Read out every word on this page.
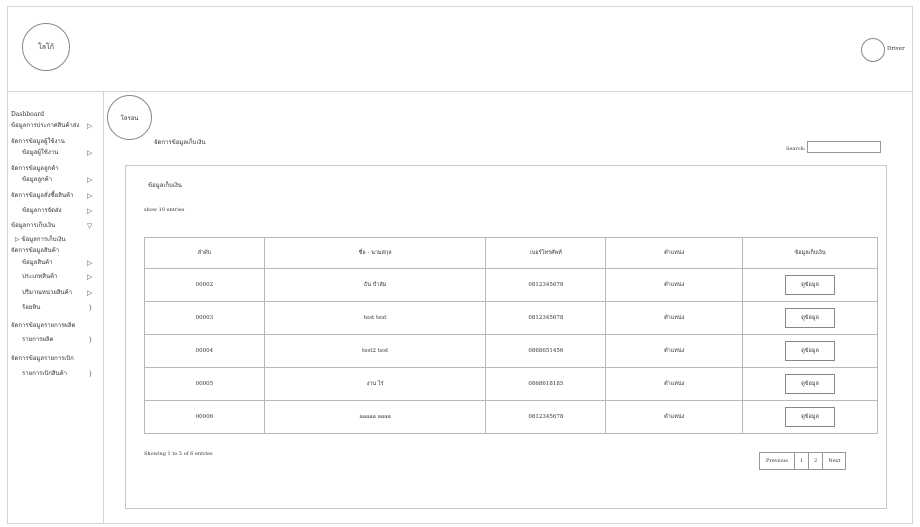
โลโก้	Driver
Dashboard
ข้อมูลการประกาศสินค้าส่ง ▷
จัดการข้อมูลผู้ใช้งาน
ข้อมูลผู้ใช้งาน	▷
จัดการข้อมูลลูกค้า
ข้อมูลลูกค้า	▷
จัดการข้อมูลสั่งซื้อสินค้า ▷
ข้อมูลการจัดส่ง	▷
ข้อมูลการเก็บเงิน	▽
▷ ข้อมูลการเก็บเงิน
จัดการข้อมูลสินค้า
ข้อมูลสินค้า	▷
ประเภทสินค้า	▷
ปริมาณหน่วยสินค้า ▷
ร้อยหิน	)
จัดการข้อมูลรายการผลิต
รายการผลิต	)
จัดการข้อมูลรายการเบิก
รายการเบิกสินค้า	)
โลรอน
จัดการข้อมูลเก็บเงิน
Search:
ข้อมูลเก็บเงิน
show 10 entries
ลำดับ	ชื่อ - นามสกุล	เบอร์โทรศัพท์	ตำแหน่ง	ข้อมูลเก็บเงิน
00002	ธัน ปำลัม	0812345678	ตำแหน่ง	ดูข้อมูล
00003	test test	0812345678	ตำแหน่ง	ดูข้อมูล
00004	test2 test	0868651456	ตำแหน่ง	ดูข้อมูล
00005	งาน ไร่	0868618185	ตำแหน่ง	ดูข้อมูล
00006	aaaaa aaaa	0812345678	ตำแหน่ง	ดูข้อมูล
Showing 1 to 5 of 6 entries
Previous	1	2	Next
